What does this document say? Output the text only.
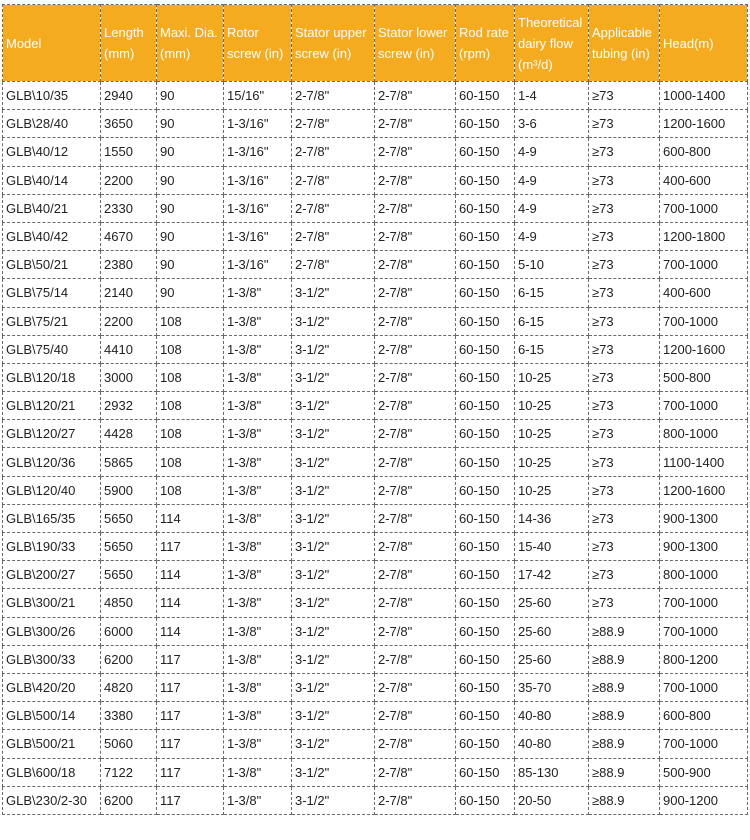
Model	Length (mm)	Maxi. Dia. (mm)	Rotor screw (in)	Stator upper screw (in)	Stator lower screw (in)	Rod rate (rpm)	Theoretical dairy flow (m³/d)	Applicable tubing (in)	Head(m)
GLB\10/35	2940	90	15/16"	2-7/8"	2-7/8"	60-150	1-4	≥73	1000-1400
GLB\28/40	3650	90	1-3/16"	2-7/8"	2-7/8"	60-150	3-6	≥73	1200-1600
GLB\40/12	1550	90	1-3/16"	2-7/8"	2-7/8"	60-150	4-9	≥73	600-800
GLB\40/14	2200	90	1-3/16"	2-7/8"	2-7/8"	60-150	4-9	≥73	400-600
GLB\40/21	2330	90	1-3/16"	2-7/8"	2-7/8"	60-150	4-9	≥73	700-1000
GLB\40/42	4670	90	1-3/16"	2-7/8"	2-7/8"	60-150	4-9	≥73	1200-1800
GLB\50/21	2380	90	1-3/16"	2-7/8"	2-7/8"	60-150	5-10	≥73	700-1000
GLB\75/14	2140	90	1-3/8"	3-1/2"	2-7/8"	60-150	6-15	≥73	400-600
GLB\75/21	2200	108	1-3/8"	3-1/2"	2-7/8"	60-150	6-15	≥73	700-1000
GLB\75/40	4410	108	1-3/8"	3-1/2"	2-7/8"	60-150	6-15	≥73	1200-1600
GLB\120/18	3000	108	1-3/8"	3-1/2"	2-7/8"	60-150	10-25	≥73	500-800
GLB\120/21	2932	108	1-3/8"	3-1/2"	2-7/8"	60-150	10-25	≥73	700-1000
GLB\120/27	4428	108	1-3/8"	3-1/2"	2-7/8"	60-150	10-25	≥73	800-1000
GLB\120/36	5865	108	1-3/8"	3-1/2"	2-7/8"	60-150	10-25	≥73	1100-1400
GLB\120/40	5900	108	1-3/8"	3-1/2"	2-7/8"	60-150	10-25	≥73	1200-1600
GLB\165/35	5650	114	1-3/8"	3-1/2"	2-7/8"	60-150	14-36	≥73	900-1300
GLB\190/33	5650	117	1-3/8"	3-1/2"	2-7/8"	60-150	15-40	≥73	900-1300
GLB\200/27	5650	114	1-3/8"	3-1/2"	2-7/8"	60-150	17-42	≥73	800-1000
GLB\300/21	4850	114	1-3/8"	3-1/2"	2-7/8"	60-150	25-60	≥73	700-1000
GLB\300/26	6000	114	1-3/8"	3-1/2"	2-7/8"	60-150	25-60	≥88.9	700-1000
GLB\300/33	6200	117	1-3/8"	3-1/2"	2-7/8"	60-150	25-60	≥88.9	800-1200
GLB\420/20	4820	117	1-3/8"	3-1/2"	2-7/8"	60-150	35-70	≥88.9	700-1000
GLB\500/14	3380	117	1-3/8"	3-1/2"	2-7/8"	60-150	40-80	≥88.9	600-800
GLB\500/21	5060	117	1-3/8"	3-1/2"	2-7/8"	60-150	40-80	≥88.9	700-1000
GLB\600/18	7122	117	1-3/8"	3-1/2"	2-7/8"	60-150	85-130	≥88.9	500-900
GLB\230/2-30	6200	117	1-3/8"	3-1/2"	2-7/8"	60-150	20-50	≥88.9	900-1200
